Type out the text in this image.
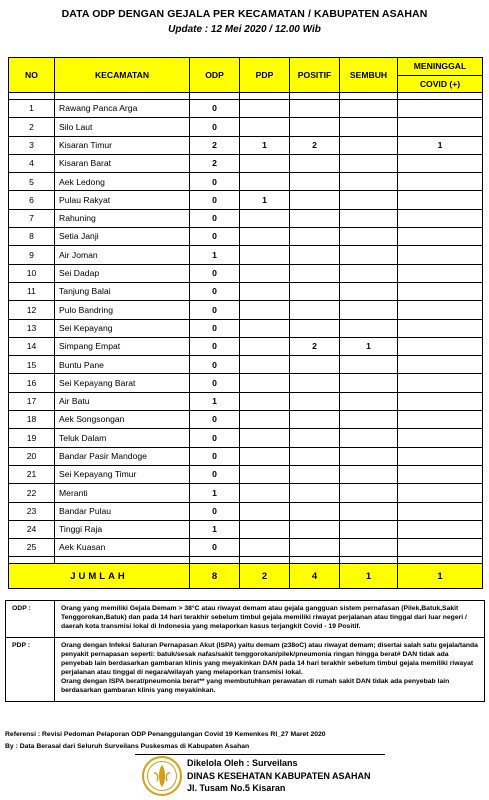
DATA ODP DENGAN GEJALA PER KECAMATAN / KABUPATEN ASAHAN
Update : 12 Mei 2020 / 12.00 Wib
NO	KECAMATAN	ODP	PDP	POSITIF	SEMBUH	MENINGGAL
						COVID (+)

1	Rawang Panca Arga	0				
2	Silo Laut	0				
3	Kisaran Timur	2	1	2		1
4	Kisaran Barat	2				
5	Aek Ledong	0				
6	Pulau Rakyat	0	1			
7	Rahuning	0				
8	Setia Janji	0				
9	Air Joman	1				
10	Sei Dadap	0				
11	Tanjung Balai	0				
12	Pulo Bandring	0				
13	Sei Kepayang	0				
14	Simpang Empat	0		2	1	
15	Buntu Pane	0				
16	Sei Kepayang Barat	0				
17	Air Batu	1				
18	Aek Songsongan	0				
19	Teluk Dalam	0				
20	Bandar Pasir Mandoge	0				
21	Sei Kepayang Timur	0				
22	Meranti	1				
23	Bandar Pulau	0				
24	Tinggi Raja	1				
25	Aek Kuasan	0				

JUMLAH		8	2	4	1	1
ODP :	Orang yang memiliki Gejala Demam > 38°C atau riwayat demam atau gejala gangguan sistem pernafasan (Pilek,Batuk,Sakit Tenggorokan,Batuk) dan pada 14 hari terakhir sebelum timbul gejala memiliki riwayat perjalanan atau tinggal dari luar negeri / daerah kota transmisi lokal di Indonesia yang melaporkan kasus terjangkit Covid - 19 Positif.

PDP :	Orang dengan Infeksi Saluran Pernapasan Akut (ISPA) yaitu demam (≥38oC) atau riwayat demam; disertai salah satu gejala/tanda penyakit pernapasan seperti: batuk/sesak nafas/sakit tenggorokan/pilek/pneumonia ringan hingga berat# DAN tidak ada penyebab lain berdasarkan gambaran klinis yang meyakinkan DAN pada 14 hari terakhir sebelum timbul gejala memiliki riwayat perjalanan atau tinggal di negara/wilayah yang melaporkan transmisi lokal.

Orang dengan ISPA berat/pneumonia berat** yang membutuhkan perawatan di rumah sakit DAN tidak ada penyebab lain berdasarkan gambaran klinis yang meyakinkan.

Referensi : Revisi Pedoman Pelaporan ODP Penanggulangan Covid 19 Kemenkes RI_27 Maret 2020
By : Data Berasal dari Seluruh Surveilans Puskesmas di Kabupaten Asahan
Dikelola Oleh : Surveilans
DINAS KESEHATAN KABUPATEN ASAHAN
Jl. Tusam No.5 Kisaran
